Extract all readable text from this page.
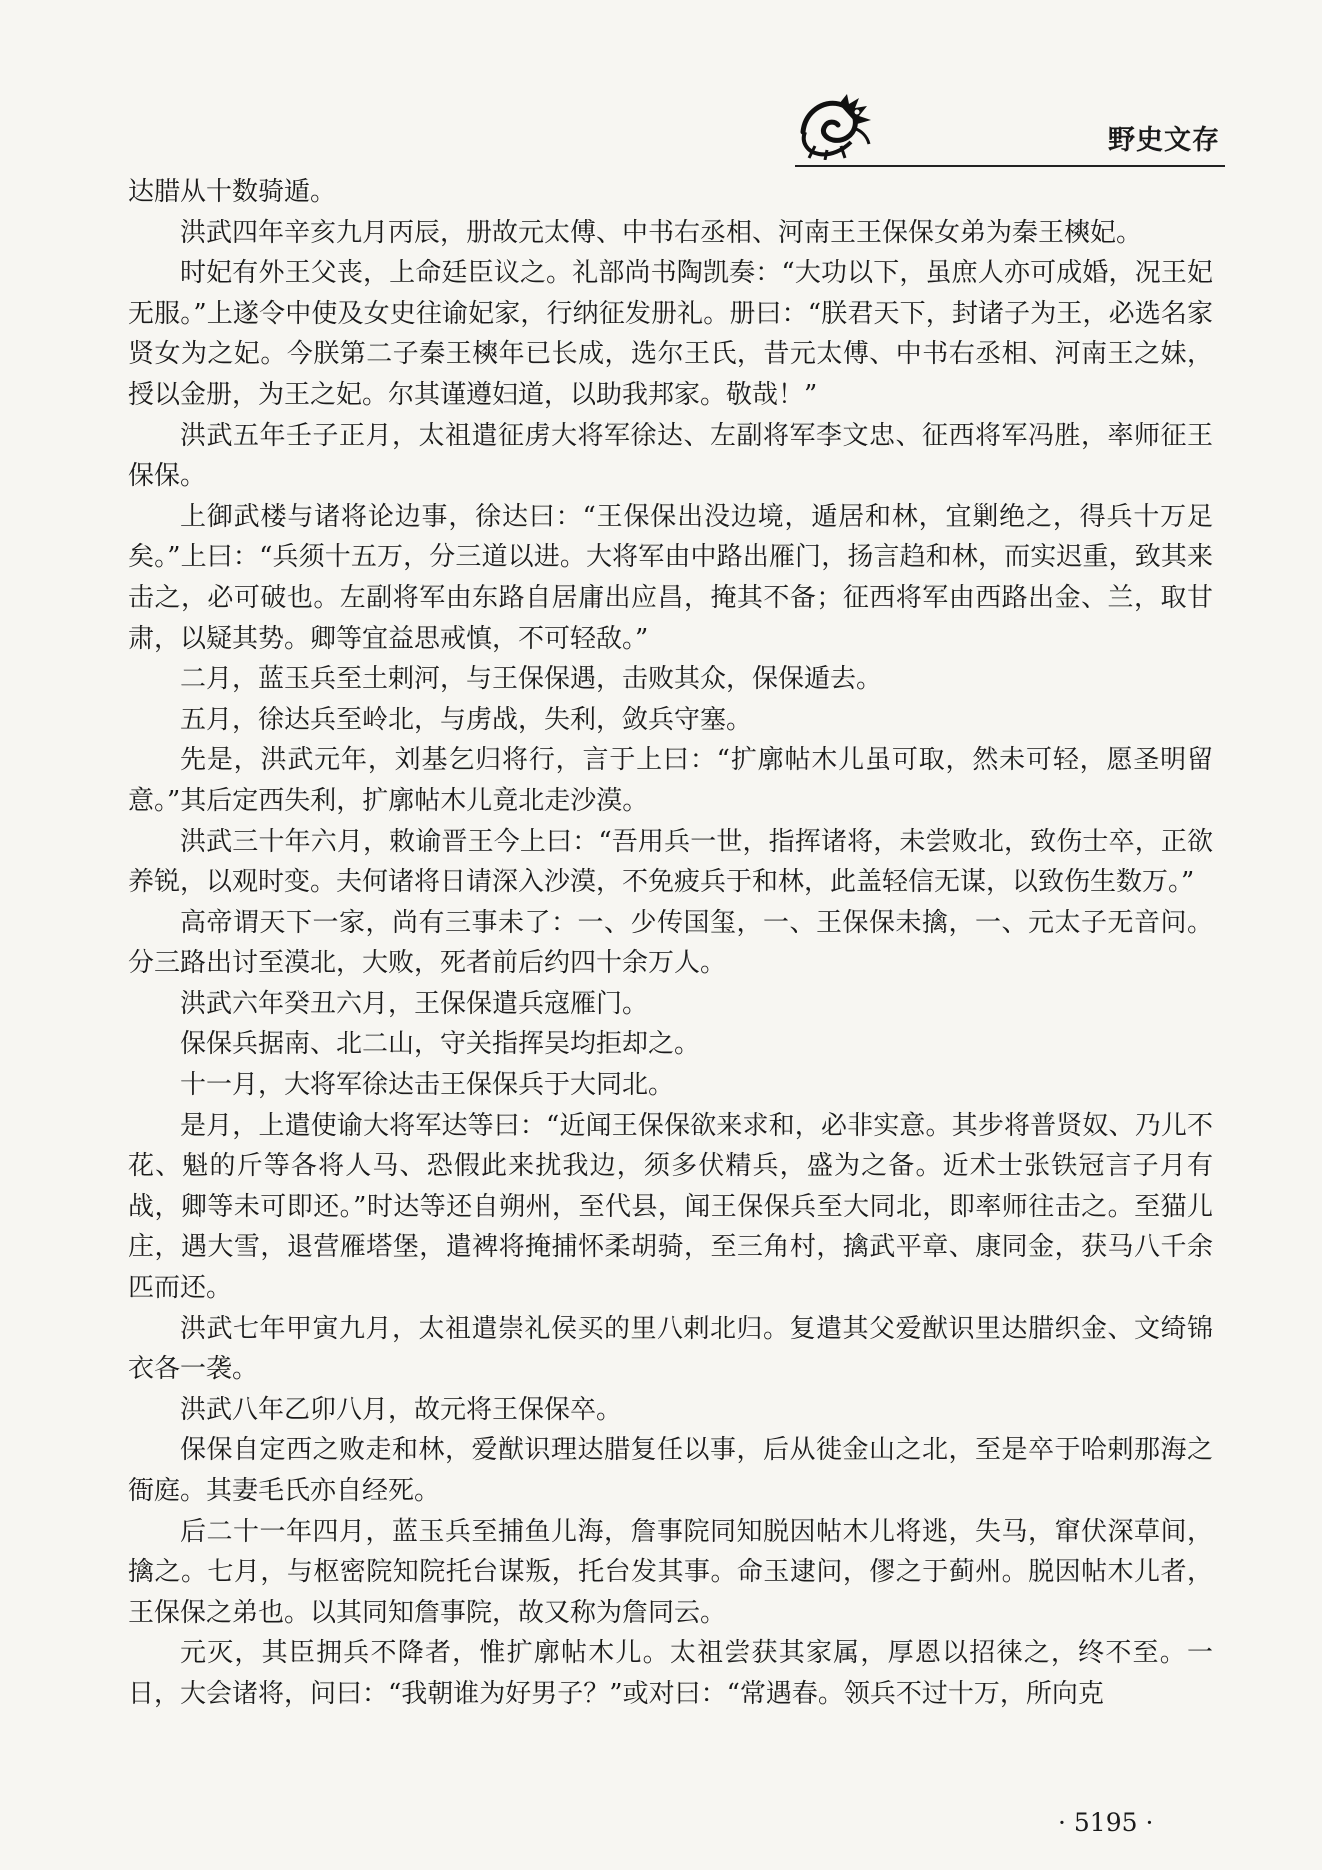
野史文存

达腊从十数骑遁。

洪武四年辛亥九月丙辰，册故元太傅、中书右丞相、河南王王保保女弟为秦王樉妃。

时妃有外王父丧，上命廷臣议之。礼部尚书陶凯奏：“大功以下，虽庶人亦可成婚，况王妃无服。”上遂令中使及女史往谕妃家，行纳征发册礼。册曰：“朕君天下，封诸子为王，必选名家贤女为之妃。今朕第二子秦王樉年已长成，选尔王氏，昔元太傅、中书右丞相、河南王之妹，授以金册，为王之妃。尔其谨遵妇道，以助我邦家。敬哉！”

洪武五年壬子正月，太祖遣征虏大将军徐达、左副将军李文忠、征西将军冯胜，率师征王保保。

上御武楼与诸将论边事，徐达曰：“王保保出没边境，遁居和林，宜剿绝之，得兵十万足矣。”上曰：“兵须十五万，分三道以进。大将军由中路出雁门，扬言趋和林，而实迟重，致其来击之，必可破也。左副将军由东路自居庸出应昌，掩其不备；征西将军由西路出金、兰，取甘肃，以疑其势。卿等宜益思戒慎，不可轻敌。”

二月，蓝玉兵至土剌河，与王保保遇，击败其众，保保遁去。

五月，徐达兵至岭北，与虏战，失利，敛兵守塞。

先是，洪武元年，刘基乞归将行，言于上曰：“扩廓帖木儿虽可取，然未可轻，愿圣明留意。”其后定西失利，扩廓帖木儿竟北走沙漠。

洪武三十年六月，敕谕晋王今上曰：“吾用兵一世，指挥诸将，未尝败北，致伤士卒，正欲养锐，以观时变。夫何诸将日请深入沙漠，不免疲兵于和林，此盖轻信无谋，以致伤生数万。”

高帝谓天下一家，尚有三事未了：一、少传国玺，一、王保保未擒，一、元太子无音问。分三路出讨至漠北，大败，死者前后约四十余万人。

洪武六年癸丑六月，王保保遣兵寇雁门。

保保兵据南、北二山，守关指挥吴均拒却之。

十一月，大将军徐达击王保保兵于大同北。

是月，上遣使谕大将军达等曰：“近闻王保保欲来求和，必非实意。其步将普贤奴、乃儿不花、魁的斤等各将人马、恐假此来扰我边，须多伏精兵，盛为之备。近术士张铁冠言子月有战，卿等未可即还。”时达等还自朔州，至代县，闻王保保兵至大同北，即率师往击之。至猫儿庄，遇大雪，退营雁塔堡，遣裨将掩捕怀柔胡骑，至三角村，擒武平章、康同金，获马八千余匹而还。

洪武七年甲寅九月，太祖遣崇礼侯买的里八剌北归。复遣其父爱猷识里达腊织金、文绮锦衣各一袭。

洪武八年乙卯八月，故元将王保保卒。

保保自定西之败走和林，爱猷识理达腊复任以事，后从徙金山之北，至是卒于哈剌那海之衙庭。其妻毛氏亦自经死。

后二十一年四月，蓝玉兵至捕鱼儿海，詹事院同知脱因帖木儿将逃，失马，窜伏深草间，擒之。七月，与枢密院知院托台谋叛，托台发其事。命玉逮问，僇之于蓟州。脱因帖木儿者，王保保之弟也。以其同知詹事院，故又称为詹同云。

元灭，其臣拥兵不降者，惟扩廓帖木儿。太祖尝获其家属，厚恩以招徕之，终不至。一日，大会诸将，问曰：“我朝谁为好男子？”或对曰：“常遇春。领兵不过十万，所向克

· 5195 ·
